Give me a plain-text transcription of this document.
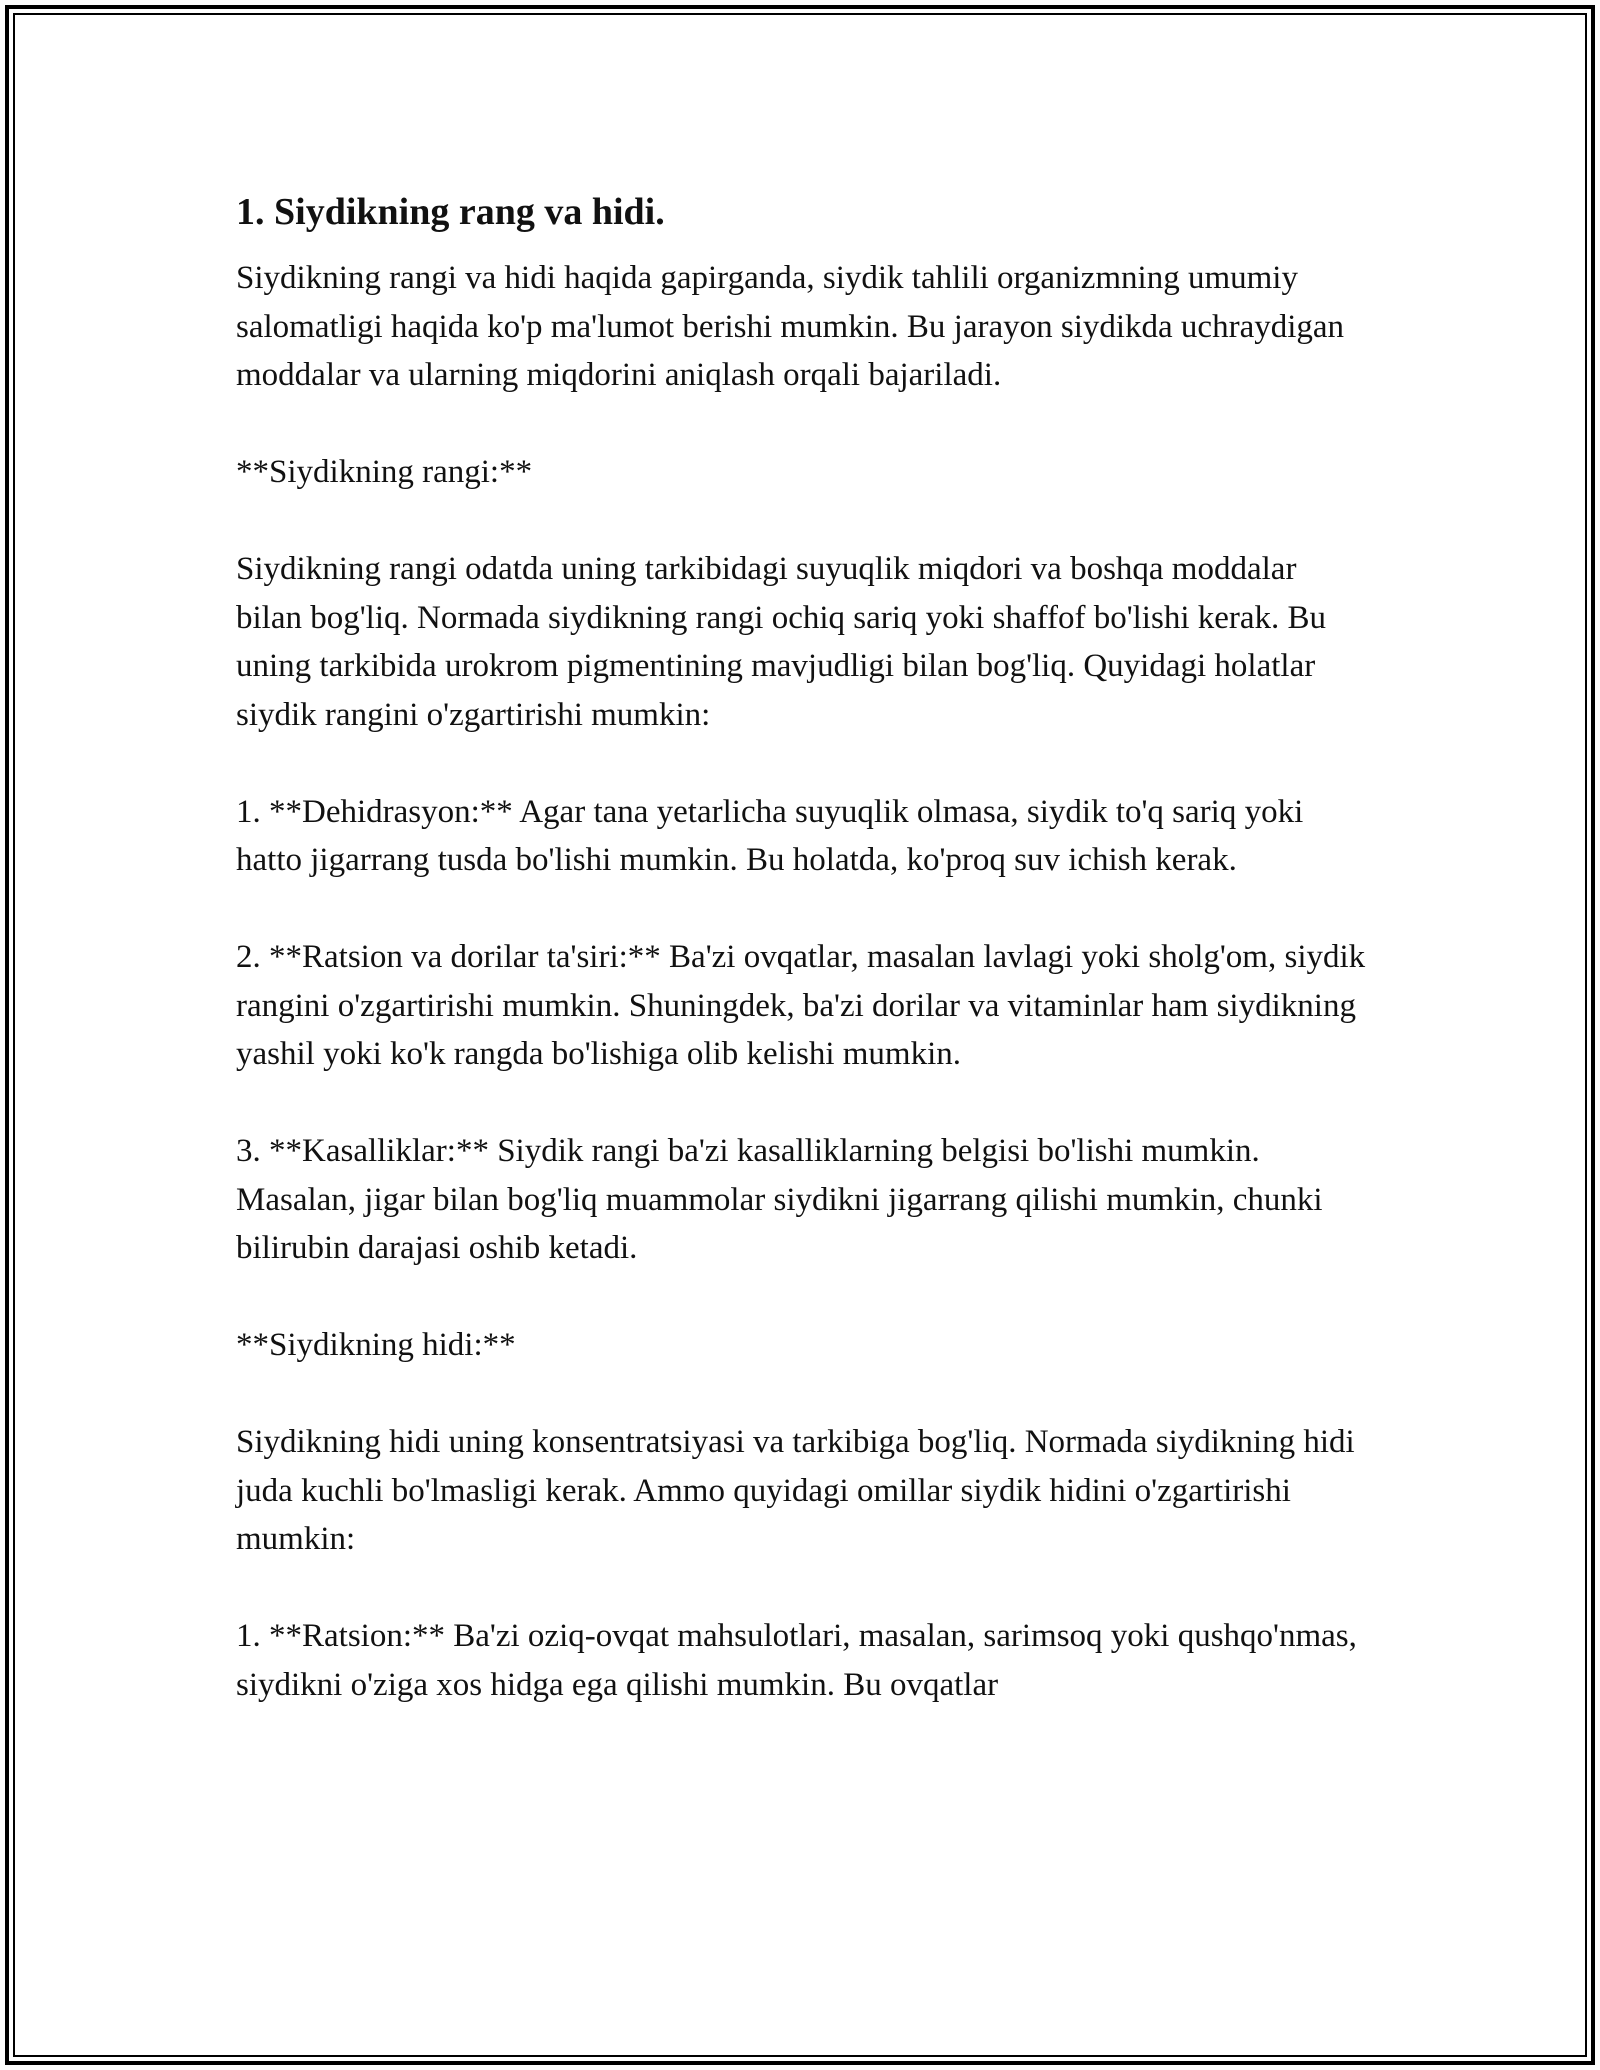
1. Siydikning rang va hidi.

Siydikning rangi va hidi haqida gapirganda, siydik tahlili organizmning umumiy salomatligi haqida ko'p ma'lumot berishi mumkin. Bu jarayon siydikda uchraydigan moddalar va ularning miqdorini aniqlash orqali bajariladi.

**Siydikning rangi:**

Siydikning rangi odatda uning tarkibidagi suyuqlik miqdori va boshqa moddalar bilan bog'liq. Normada siydikning rangi ochiq sariq yoki shaffof bo'lishi kerak. Bu uning tarkibida urokrom pigmentining mavjudligi bilan bog'liq. Quyidagi holatlar siydik rangini o'zgartirishi mumkin:

1. **Dehidrasyon:** Agar tana yetarlicha suyuqlik olmasa, siydik to'q sariq yoki hatto jigarrang tusda bo'lishi mumkin. Bu holatda, ko'proq suv ichish kerak.

2. **Ratsion va dorilar ta'siri:** Ba'zi ovqatlar, masalan lavlagi yoki sholg'om, siydik rangini o'zgartirishi mumkin. Shuningdek, ba'zi dorilar va vitaminlar ham siydikning yashil yoki ko'k rangda bo'lishiga olib kelishi mumkin.

3. **Kasalliklar:** Siydik rangi ba'zi kasalliklarning belgisi bo'lishi mumkin. Masalan, jigar bilan bog'liq muammolar siydikni jigarrang qilishi mumkin, chunki bilirubin darajasi oshib ketadi.

**Siydikning hidi:**

Siydikning hidi uning konsentratsiyasi va tarkibiga bog'liq. Normada siydikning hidi juda kuchli bo'lmasligi kerak. Ammo quyidagi omillar siydik hidini o'zgartirishi mumkin:

1. **Ratsion:** Ba'zi oziq-ovqat mahsulotlari, masalan, sarimsoq yoki qushqo'nmas, siydikni o'ziga xos hidga ega qilishi mumkin. Bu ovqatlar
